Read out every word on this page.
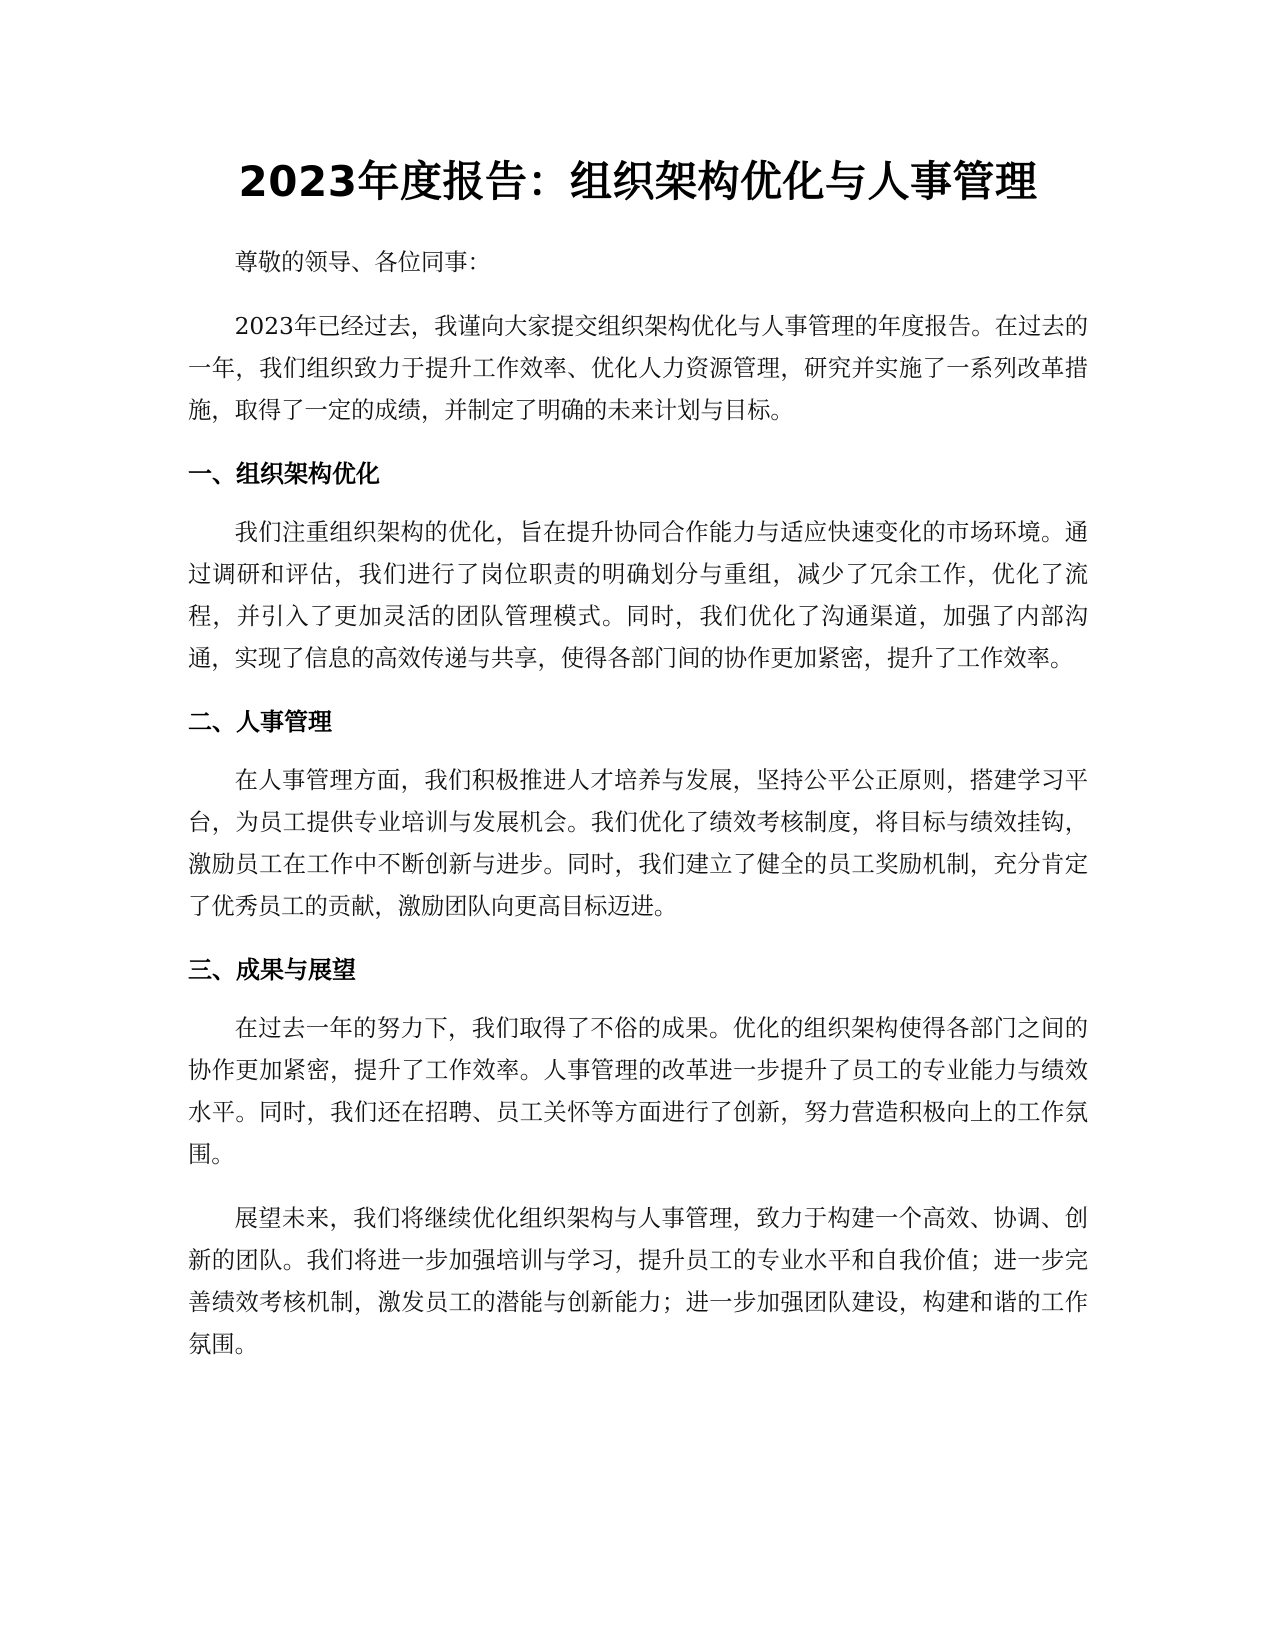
2023年度报告：组织架构优化与人事管理

尊敬的领导、各位同事：

2023年已经过去，我谨向大家提交组织架构优化与人事管理的年度报告。在过去的一年，我们组织致力于提升工作效率、优化人力资源管理，研究并实施了一系列改革措施，取得了一定的成绩，并制定了明确的未来计划与目标。

一、组织架构优化

我们注重组织架构的优化，旨在提升协同合作能力与适应快速变化的市场环境。通过调研和评估，我们进行了岗位职责的明确划分与重组，减少了冗余工作，优化了流程，并引入了更加灵活的团队管理模式。同时，我们优化了沟通渠道，加强了内部沟通，实现了信息的高效传递与共享，使得各部门间的协作更加紧密，提升了工作效率。

二、人事管理

在人事管理方面，我们积极推进人才培养与发展，坚持公平公正原则，搭建学习平台，为员工提供专业培训与发展机会。我们优化了绩效考核制度，将目标与绩效挂钩，激励员工在工作中不断创新与进步。同时，我们建立了健全的员工奖励机制，充分肯定了优秀员工的贡献，激励团队向更高目标迈进。

三、成果与展望

在过去一年的努力下，我们取得了不俗的成果。优化的组织架构使得各部门之间的协作更加紧密，提升了工作效率。人事管理的改革进一步提升了员工的专业能力与绩效水平。同时，我们还在招聘、员工关怀等方面进行了创新，努力营造积极向上的工作氛围。

展望未来，我们将继续优化组织架构与人事管理，致力于构建一个高效、协调、创新的团队。我们将进一步加强培训与学习，提升员工的专业水平和自我价值；进一步完善绩效考核机制，激发员工的潜能与创新能力；进一步加强团队建设，构建和谐的工作氛围。
